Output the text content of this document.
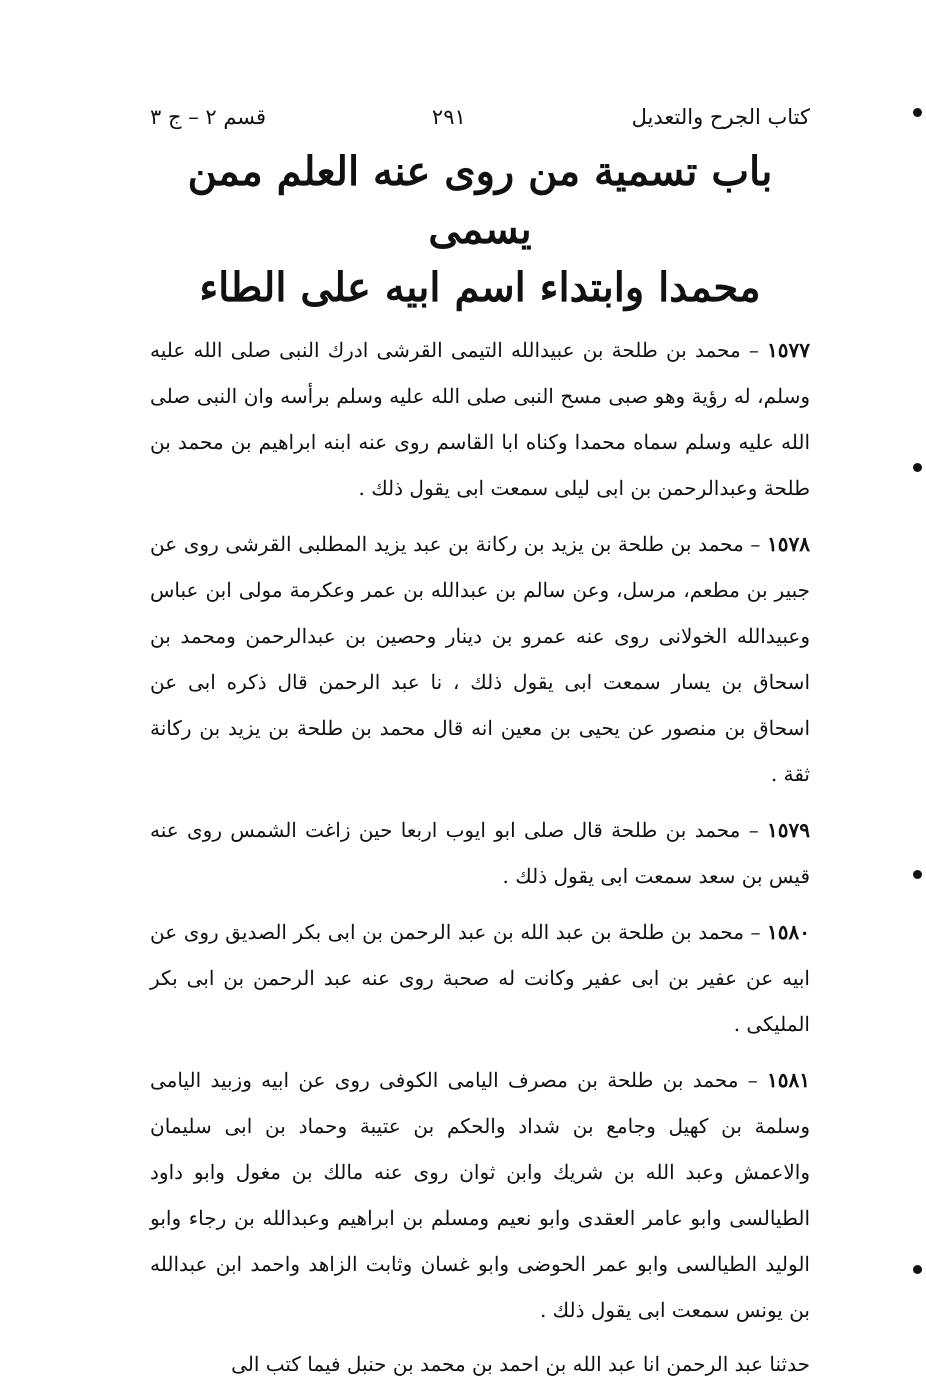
كتاب الجرح والتعديل
٢٩١
قسم ٢ – ج ٣
باب تسمية من روى عنه العلم ممن يسمى
محمدا وابتداء اسم ابيه على الطاء
١٥٧٧ – محمد بن طلحة بن عبيدالله التيمى القرشى ادرك النبى صلى الله عليه وسلم، له رؤية وهو صبى مسح النبى صلى الله عليه وسلم برأسه وان النبى صلى الله عليه وسلم سماه محمدا وكناه ابا القاسم روى عنه ابنه ابراهيم بن محمد بن طلحة وعبدالرحمن بن ابى ليلى سمعت ابى يقول ذلك .
١٥٧٨ – محمد بن طلحة بن يزيد بن ركانة بن عبد يزيد المطلبى القرشى روى عن جبير بن مطعم، مرسل، وعن سالم بن عبدالله بن عمر وعكرمة مولى ابن عباس وعبيدالله الخولانى روى عنه عمرو بن دينار وحصين بن عبدالرحمن ومحمد بن اسحاق بن يسار سمعت ابى يقول ذلك ، نا عبد الرحمن قال ذكره ابى عن اسحاق بن منصور عن يحيى بن معين انه قال محمد بن طلحة بن يزيد بن ركانة ثقة .
١٥٧٩ – محمد بن طلحة قال صلى ابو ايوب اربعا حين زاغت الشمس روى عنه قيس بن سعد سمعت ابى يقول ذلك .
١٥٨٠ – محمد بن طلحة بن عبد الله بن عبد الرحمن بن ابى بكر الصديق روى عن ابيه عن عفير بن ابى عفير وكانت له صحبة روى عنه عبد الرحمن بن ابى بكر المليكى .
١٥٨١ – محمد بن طلحة بن مصرف اليامى الكوفى روى عن ابيه وزبيد اليامى وسلمة بن كهيل وجامع بن شداد والحكم بن عتيبة وحماد بن ابى سليمان والاعمش وعبد الله بن شريك وابن ثوان روى عنه مالك بن مغول وابو داود الطيالسى وابو عامر العقدى وابو نعيم ومسلم بن ابراهيم وعبدالله بن رجاء وابو الوليد الطيالسى وابو عمر الحوضى وابو غسان وثابت الزاهد واحمد ابن عبدالله بن يونس سمعت ابى يقول ذلك .
حدثنا عبد الرحمن انا عبد الله بن احمد بن محمد بن حنبل فيما كتب الى
